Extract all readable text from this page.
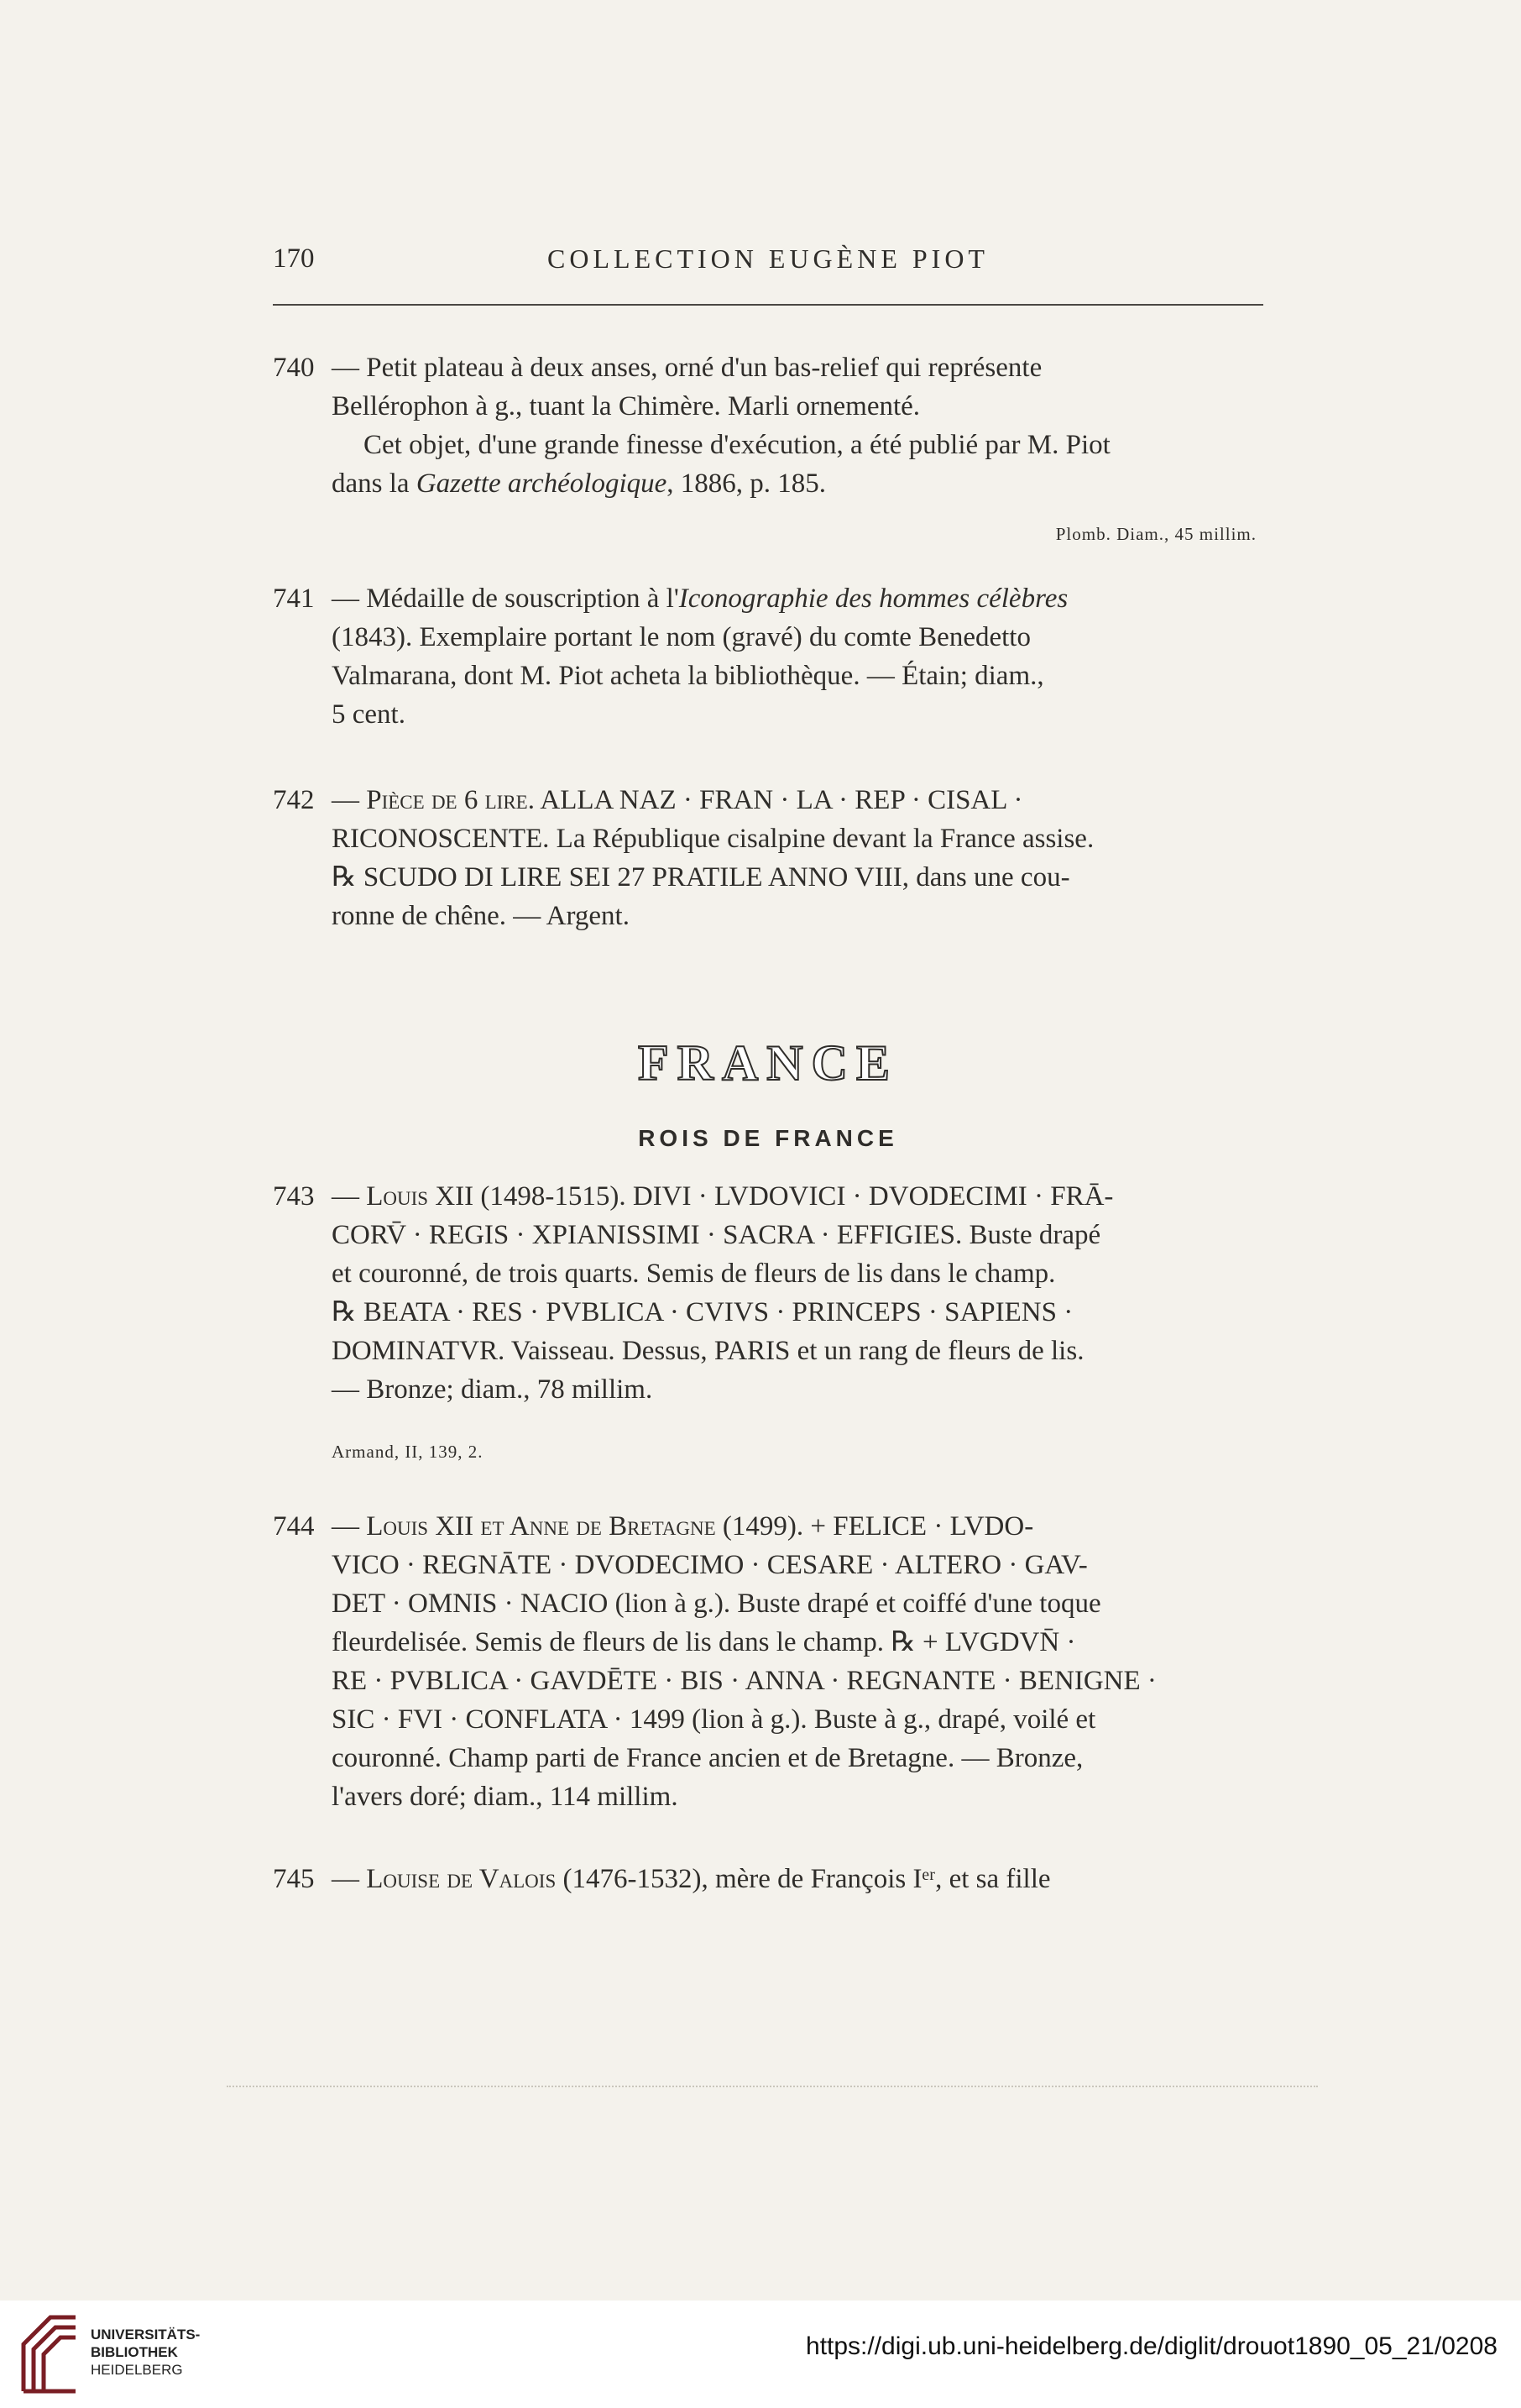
170	COLLECTION EUGÈNE PIOT
740 — Petit plateau à deux anses, orné d'un bas-relief qui représente
Bellérophon à g., tuant la Chimère. Marli ornementé.
Cet objet, d'une grande finesse d'exécution, a été publié par M. Piot
dans la Gazette archéologique, 1886, p. 185.
Plomb. Diam., 45 millim.
741 — Médaille de souscription à l'Iconographie des hommes célèbres
(1843). Exemplaire portant le nom (gravé) du comte Benedetto
Valmarana, dont M. Piot acheta la bibliothèque. — Étain; diam.,
5 cent.
742 — Pièce de 6 lire. ALLA NAZ · FRAN · LA · REP · CISAL ·
RICONOSCENTE. La République cisalpine devant la France assise.
℞ SCUDO DI LIRE SEI 27 PRATILE ANNO VIII, dans une cou-
ronne de chêne. — Argent.
FRANCE
ROIS DE FRANCE
743 — Louis XII (1498-1515). DIVI · LVDOVICI · DVODECIMI · FRĀ-
CORV̄ · REGIS · XPIANISSIMI · SACRA · EFFIGIES. Buste drapé
et couronné, de trois quarts. Semis de fleurs de lis dans le champ.
℞ BEATA · RES · PVBLICA · CVIVS · PRINCEPS · SAPIENS ·
DOMINATVR. Vaisseau. Dessus, PARIS et un rang de fleurs de lis.
— Bronze; diam., 78 millim.
Armand, II, 139, 2.
744 — Louis XII et Anne de Bretagne (1499). + FELICE · LVDO-
VICO · REGNĀTE · DVODECIMO · CESARE · ALTERO · GAV-
DET · OMNIS · NACIO (lion à g.). Buste drapé et coiffé d'une toque
fleurdelisée. Semis de fleurs de lis dans le champ. ℞ + LVGDVN̄ ·
RE · PVBLICA · GAVDĒTE · BIS · ANNA · REGNANTE · BENIGNE ·
SIC · FVI · CONFLATA · 1499 (lion à g.). Buste à g., drapé, voilé et
couronné. Champ parti de France ancien et de Bretagne. — Bronze,
l'avers doré; diam., 114 millim.
745 — Louise de Valois (1476-1532), mère de François Iᵉʳ, et sa fille
UNIVERSITÄTS-
BIBLIOTHEK
HEIDELBERG
https://digi.ub.uni-heidelberg.de/diglit/drouot1890_05_21/0208
